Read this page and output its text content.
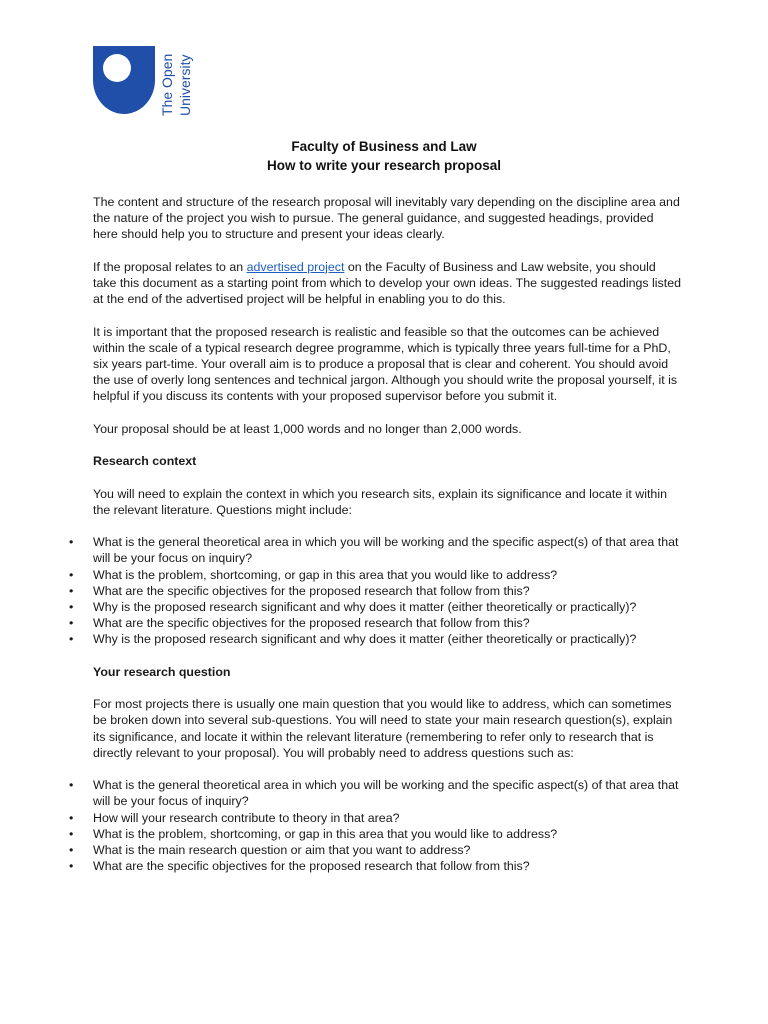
The Open University
Faculty of Business and Law
How to write your research proposal

The content and structure of the research proposal will inevitably vary depending on the discipline area and the nature of the project you wish to pursue. The general guidance, and suggested headings, provided here should help you to structure and present your ideas clearly.

If the proposal relates to an advertised project on the Faculty of Business and Law website, you should take this document as a starting point from which to develop your own ideas. The suggested readings listed at the end of the advertised project will be helpful in enabling you to do this.

It is important that the proposed research is realistic and feasible so that the outcomes can be achieved within the scale of a typical research degree programme, which is typically three years full-time for a PhD, six years part-time. Your overall aim is to produce a proposal that is clear and coherent. You should avoid the use of overly long sentences and technical jargon. Although you should write the proposal yourself, it is helpful if you discuss its contents with your proposed supervisor before you submit it.

Your proposal should be at least 1,000 words and no longer than 2,000 words.

Research context

You will need to explain the context in which you research sits, explain its significance and locate it within the relevant literature. Questions might include:

• What is the general theoretical area in which you will be working and the specific aspect(s) of that area that will be your focus on inquiry?
• What is the problem, shortcoming, or gap in this area that you would like to address?
• What are the specific objectives for the proposed research that follow from this?
• Why is the proposed research significant and why does it matter (either theoretically or practically)?
• What are the specific objectives for the proposed research that follow from this?
• Why is the proposed research significant and why does it matter (either theoretically or practically)?
Your research question

For most projects there is usually one main question that you would like to address, which can sometimes be broken down into several sub-questions. You will need to state your main research question(s), explain its significance, and locate it within the relevant literature (remembering to refer only to research that is directly relevant to your proposal). You will probably need to address questions such as:

• What is the general theoretical area in which you will be working and the specific aspect(s) of that area that will be your focus of inquiry?
• How will your research contribute to theory in that area?
• What is the problem, shortcoming, or gap in this area that you would like to address?
• What is the main research question or aim that you want to address?
• What are the specific objectives for the proposed research that follow from this?
